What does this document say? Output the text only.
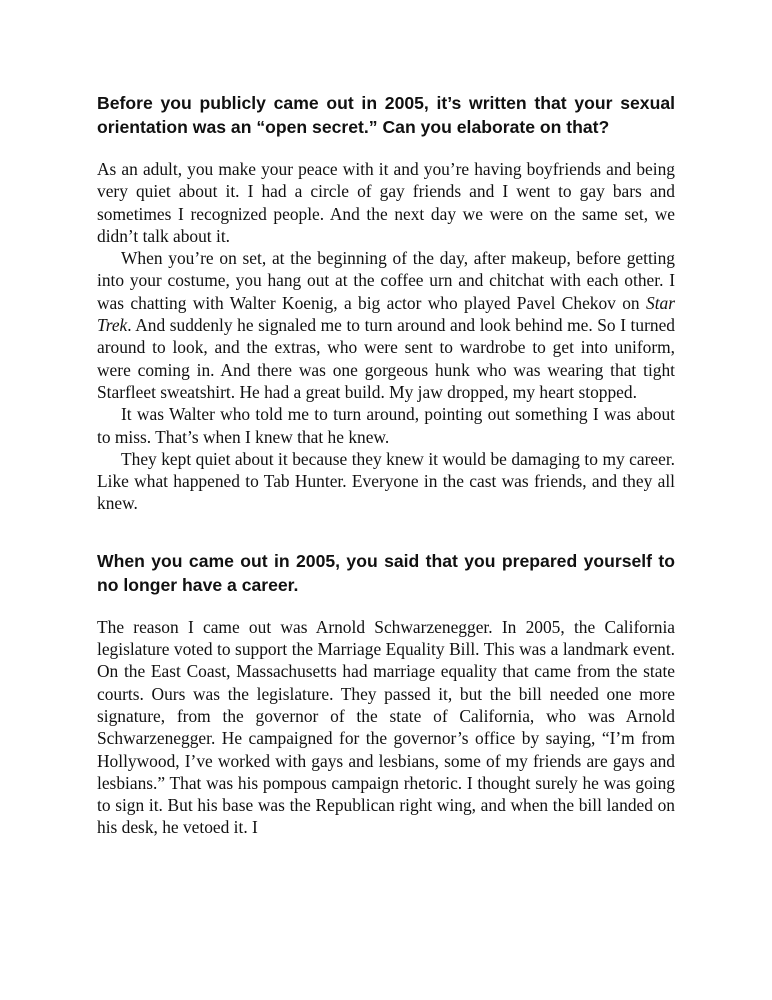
Before you publicly came out in 2005, it’s written that your sexual orientation was an “open secret.” Can you elaborate on that?

As an adult, you make your peace with it and you’re having boyfriends and being very quiet about it. I had a circle of gay friends and I went to gay bars and sometimes I recognized people. And the next day we were on the same set, we didn’t talk about it.

When you’re on set, at the beginning of the day, after makeup, before getting into your costume, you hang out at the coffee urn and chitchat with each other. I was chatting with Walter Koenig, a big actor who played Pavel Chekov on Star Trek. And suddenly he signaled me to turn around and look behind me. So I turned around to look, and the extras, who were sent to wardrobe to get into uniform, were coming in. And there was one gorgeous hunk who was wearing that tight Starfleet sweatshirt. He had a great build. My jaw dropped, my heart stopped.

It was Walter who told me to turn around, pointing out something I was about to miss. That’s when I knew that he knew.

They kept quiet about it because they knew it would be damaging to my career. Like what happened to Tab Hunter. Everyone in the cast was friends, and they all knew.

When you came out in 2005, you said that you prepared yourself to no longer have a career.

The reason I came out was Arnold Schwarzenegger. In 2005, the California legislature voted to support the Marriage Equality Bill. This was a landmark event. On the East Coast, Massachusetts had marriage equality that came from the state courts. Ours was the legislature. They passed it, but the bill needed one more signature, from the governor of the state of California, who was Arnold Schwarzenegger. He campaigned for the governor’s office by saying, “I’m from Hollywood, I’ve worked with gays and lesbians, some of my friends are gays and lesbians.” That was his pompous campaign rhetoric. I thought surely he was going to sign it. But his base was the Republican right wing, and when the bill landed on his desk, he vetoed it. I
